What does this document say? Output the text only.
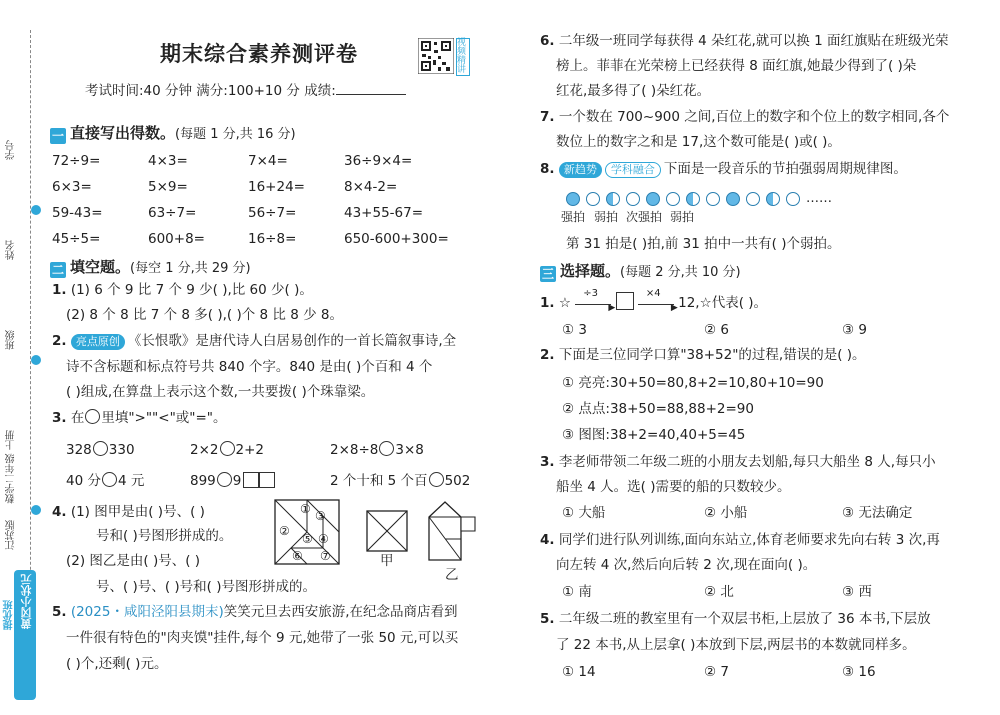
学号
姓名
班级
数学二年级 上册
江苏版
黄冈小状元
提优班
期末综合素养测评卷	视频精讲
考试时间:40 分钟 满分:100+10 分 成绩:
一 直接写出得数。(每题 1 分,共 16 分)
72÷9=	4×3=	7×4=	36÷9×4=
6×3=	5×9=	16+24=	8×4-2=
59-43=	63÷7=	56÷7=	43+55-67=
45÷5=	600+8=	16÷8=	650-600+300=
二 填空题。(每空 1 分,共 29 分)
1. (1) 6 个 9 比 7 个 9 少( ),比 60 少( )。
(2) 8 个 8 比 7 个 8 多( ),( )个 8 比 8 少 8。
2. 亮点原创 《长恨歌》是唐代诗人白居易创作的一首长篇叙事诗,全
诗不含标题和标点符号共 840 个字。840 是由( )个百和 4 个
( )组成,在算盘上表示这个数,一共要拨( )个珠靠梁。
3. 在 里填">""<"或"="。
328 330	2×2 2+2	2×8÷8 3×8
40 分 4 元	899 9	2 个十和 5 个百 502
4. (1) 图甲是由( )号、( )
号和( )号图形拼成的。
(2) 图乙是由( )号、( )
号、( )号、( )号和( )号图形拼成的。
①
②
③
④
⑤
⑥ ⑦	甲
乙
5. (2025・咸阳泾阳县期末)笑笑元旦去西安旅游,在纪念品商店看到
一件很有特色的"肉夹馍"挂件,每个 9 元,她带了一张 50 元,可以买
( )个,还剩( )元。
6. 二年级一班同学每获得 4 朵红花,就可以换 1 面红旗贴在班级光荣
榜上。菲菲在光荣榜上已经获得 8 面红旗,她最少得到了( )朵
红花,最多得了( )朵红花。
7. 一个数在 700~900 之间,百位上的数字和个位上的数字相同,各个
数位上的数字之和是 17,这个数可能是( )或( )。
8. 新趋势 学科融合 下面是一段音乐的节拍强弱周期规律图。
……
强拍 弱拍 次强拍 弱拍
第 31 拍是( )拍,前 31 拍中一共有( )个弱拍。
三 选择题。(每题 2 分,共 10 分)
1. ☆
÷3
▶

×4
▶ 12,☆代表( )。
① 3	② 6	③ 9
2. 下面是三位同学口算"38+52"的过程,错误的是( )。
① 亮亮:30+50=80,8+2=10,80+10=90
② 点点:38+50=88,88+2=90
③ 图图:38+2=40,40+5=45
3. 李老师带领二年级二班的小朋友去划船,每只大船坐 8 人,每只小
船坐 4 人。选( )需要的船的只数较少。
① 大船	② 小船	③ 无法确定
4. 同学们进行队列训练,面向东站立,体育老师要求先向右转 3 次,再
向左转 4 次,然后向后转 2 次,现在面向( )。
① 南	② 北	③ 西
5. 二年级二班的教室里有一个双层书柜,上层放了 36 本书,下层放
了 22 本书,从上层拿( )本放到下层,两层书的本数就同样多。
① 14	② 7	③ 16
